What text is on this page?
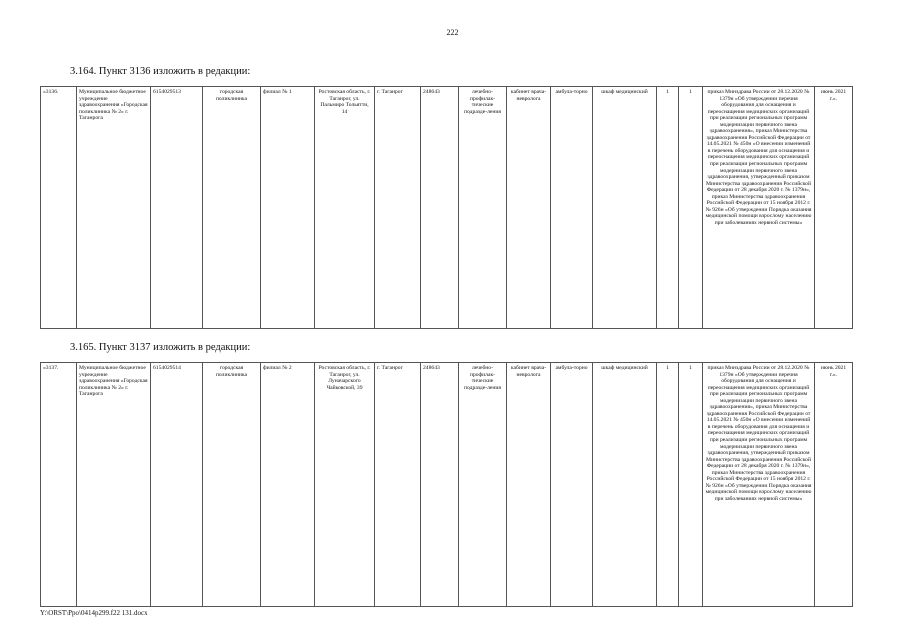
222
3.164. Пункт 3136 изложить в редакции:
«3136.	Муниципальное бюджетное учреждение здравоохранения «Городская поликлиника № 2» г. Таганрога	6154029513	городская поликлиника	филиал № 1	Ростовская область, г. Таганрог, ул. Пальмиро Тольятти, 14	г. Таганрог	248643	лечебно-профилак-тические подразде-ления	кабинет врача-невролога	амбула-торно	шкаф медицинский	1	1	приказ Минздрава России от 28.12.2020 № 1379н «Об утверждении перечня оборудования для оснащения и переоснащения медицинских организаций при реализации региональных программ модернизации первичного звена здравоохранения», приказ Министерства здравоохранения Российской Федерации от 14.05.2021 № 450н «О внесении изменений в перечень оборудования для оснащения и переоснащения медицинских организаций при реализации региональных программ модернизации первичного звена здравоохранения, утвержденный приказом Министерства здравоохранения Российской Федерации от 28 декабря 2020 г. № 1379н», приказ Министерства здравоохранения Российской Федерации от 15 ноября 2012 г. № 926н «Об утверждении Порядка оказания медицинской помощи взрослому населению при заболеваниях нервной системы»	июнь 2021 г.».
3.165. Пункт 3137 изложить в редакции:
«3137.	Муниципальное бюджетное учреждение здравоохранения «Городская поликлиника № 2» г. Таганрога	6154029514	городская поликлиника	филиал № 2	Ростовская область, г. Таганрог, ул. Луначарского Чайковской, 39	г. Таганрог	248643	лечебно-профилак-тические подразде-ления	кабинет врача-невролога	амбула-торно	шкаф медицинский	1	1	приказ Минздрава России от 28.12.2020 № 1379н «Об утверждении перечня оборудования для оснащения и переоснащения медицинских организаций при реализации региональных программ модернизации первичного звена здравоохранения», приказ Министерства здравоохранения Российской Федерации от 14.05.2021 № 450н «О внесении изменений в перечень оборудования для оснащения и переоснащения медицинских организаций при реализации региональных программ модернизации первичного звена здравоохранения, утвержденный приказом Министерства здравоохранения Российской Федерации от 28 декабря 2020 г. № 1379н», приказ Министерства здравоохранения Российской Федерации от 15 ноября 2012 г. № 926н «Об утверждении Порядка оказания медицинской помощи взрослому населению при заболеваниях нервной системы»	июнь 2021 г.».
Y:\ORST\Ppo\0414p299.f22 131.docx
